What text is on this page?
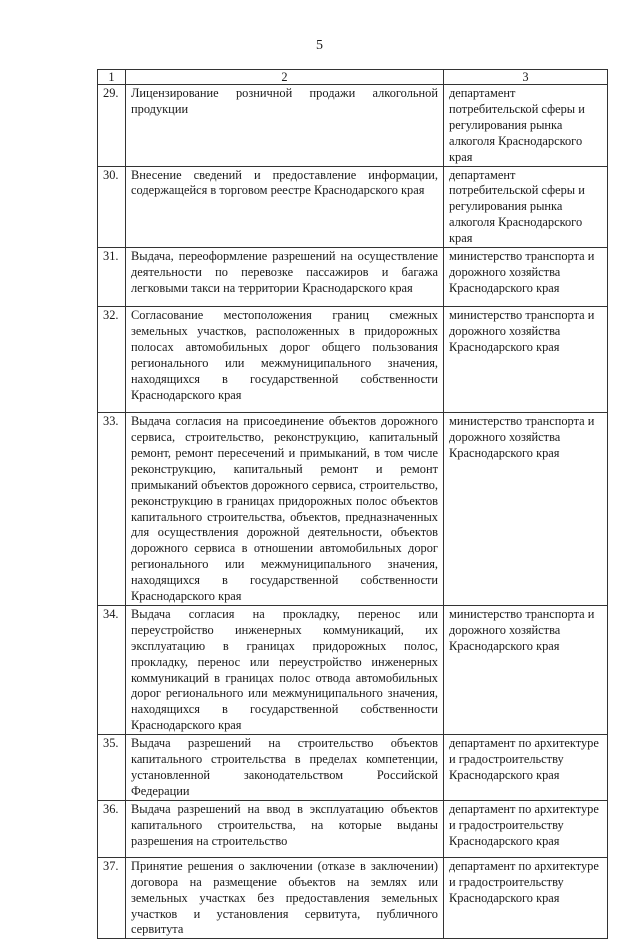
5
1	2	3
29.	Лицензирование розничной продажи алкогольной продукции	департамент потребительской сферы и регулирования рынка алкоголя Краснодарского края
30.	Внесение сведений и предоставление информации, содержащейся в торговом реестре Краснодарского края	департамент потребительской сферы и регулирования рынка алкоголя Краснодарского края
31.	Выдача, переоформление разрешений на осуществление деятельности по перевозке пассажиров и багажа легковыми такси на территории Краснодарского края	министерство транспорта и дорожного хозяйства Краснодарского края
32.	Согласование местоположения границ смежных земельных участков, расположенных в придорожных полосах автомобильных дорог общего пользования регионального или межмуниципального значения, находящихся в государственной собственности Краснодарского края	министерство транспорта и дорожного хозяйства Краснодарского края
33.	Выдача согласия на присоединение объектов дорожного сервиса, строительство, реконструкцию, капитальный ремонт, ремонт пересечений и примыканий, в том числе реконструкцию, капитальный ремонт и ремонт примыканий объектов дорожного сервиса, строительство, реконструкцию в границах придорожных полос объектов капитального строительства, объектов, предназначенных для осуществления дорожной деятельности, объектов дорожного сервиса в отношении автомобильных дорог регионального или межмуниципального значения, находящихся в государственной собственности Краснодарского края	министерство транспорта и дорожного хозяйства Краснодарского края
34.	Выдача согласия на прокладку, перенос или переустройство инженерных коммуникаций, их эксплуатацию в границах придорожных полос, прокладку, перенос или переустройство инженерных коммуникаций в границах полос отвода автомобильных дорог регионального или межмуниципального значения, находящихся в государственной собственности Краснодарского края	министерство транспорта и дорожного хозяйства Краснодарского края
35.	Выдача разрешений на строительство объектов капитального строительства в пределах компетенции, установленной законодательством Российской Федерации	департамент по архитектуре и градостроительству Краснодарского края
36.	Выдача разрешений на ввод в эксплуатацию объектов капитального строительства, на которые выданы разрешения на строительство	департамент по архитектуре и градостроительству Краснодарского края
37.	Принятие решения о заключении (отказе в заключении) договора на размещение объектов на землях или земельных участках без предоставления земельных участков и установления сервитута, публичного сервитута	департамент по архитектуре и градостроительству Краснодарского края
